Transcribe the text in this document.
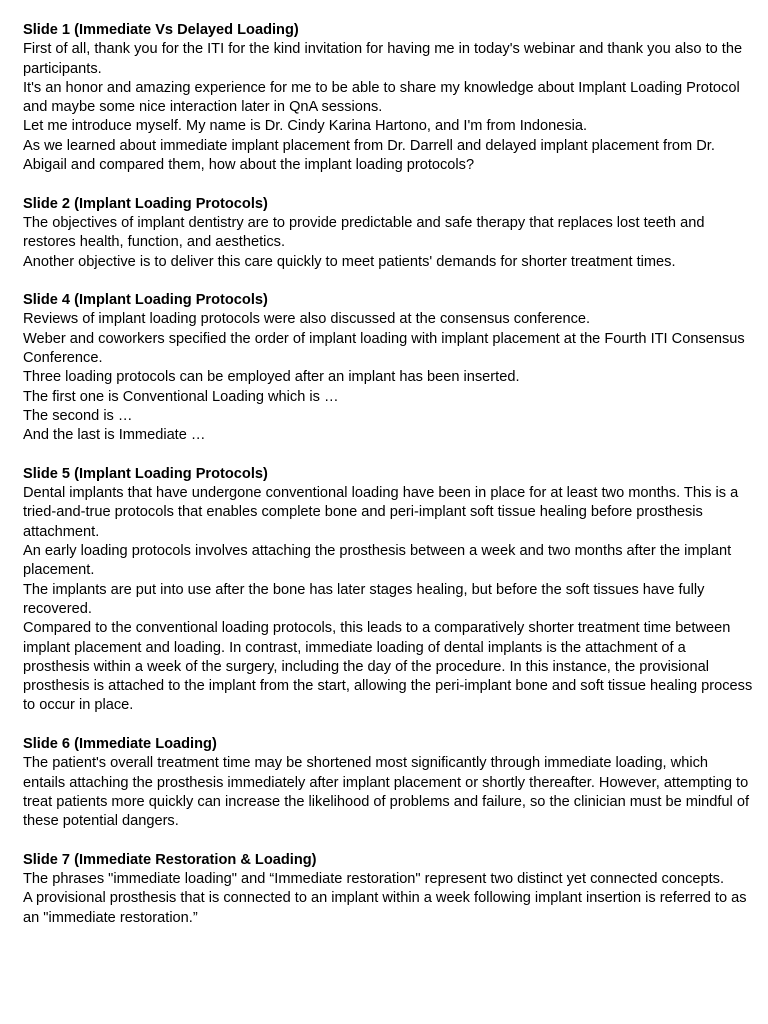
Slide 1 (Immediate Vs Delayed Loading)

First of all, thank you for the ITI for the kind invitation for having me in today's webinar and thank you also to the participants.

It's an honor and amazing experience for me to be able to share my knowledge about Implant Loading Protocol and maybe some nice interaction later in QnA sessions.

Let me introduce myself. My name is Dr. Cindy Karina Hartono, and I'm from Indonesia.

As we learned about immediate implant placement from Dr. Darrell and delayed implant placement from Dr. Abigail and compared them, how about the implant loading protocols?

Slide 2 (Implant Loading Protocols)

The objectives of implant dentistry are to provide predictable and safe therapy that replaces lost teeth and restores health, function, and aesthetics.

Another objective is to deliver this care quickly to meet patients' demands for shorter treatment times.

Slide 4 (Implant Loading Protocols)

Reviews of implant loading protocols were also discussed at the consensus conference.

Weber and coworkers specified the order of implant loading with implant placement at the Fourth ITI Consensus Conference.

Three loading protocols can be employed after an implant has been inserted.

The first one is Conventional Loading which is …

The second is …

And the last is Immediate …

Slide 5 (Implant Loading Protocols)

Dental implants that have undergone conventional loading have been in place for at least two months. This is a tried-and-true protocols that enables complete bone and peri-implant soft tissue healing before prosthesis attachment.

An early loading protocols involves attaching the prosthesis between a week and two months after the implant placement.

The implants are put into use after the bone has later stages healing, but before the soft tissues have fully recovered.

Compared to the conventional loading protocols, this leads to a comparatively shorter treatment time between implant placement and loading. In contrast, immediate loading of dental implants is the attachment of a prosthesis within a week of the surgery, including the day of the procedure. In this instance, the provisional prosthesis is attached to the implant from the start, allowing the peri-implant bone and soft tissue healing process to occur in place.

Slide 6 (Immediate Loading)

The patient's overall treatment time may be shortened most significantly through immediate loading, which entails attaching the prosthesis immediately after implant placement or shortly thereafter. However, attempting to treat patients more quickly can increase the likelihood of problems and failure, so the clinician must be mindful of these potential dangers.

Slide 7 (Immediate Restoration & Loading)

The phrases "immediate loading" and “Immediate restoration" represent two distinct yet connected concepts.

A provisional prosthesis that is connected to an implant within a week following implant insertion is referred to as an "immediate restoration.”
